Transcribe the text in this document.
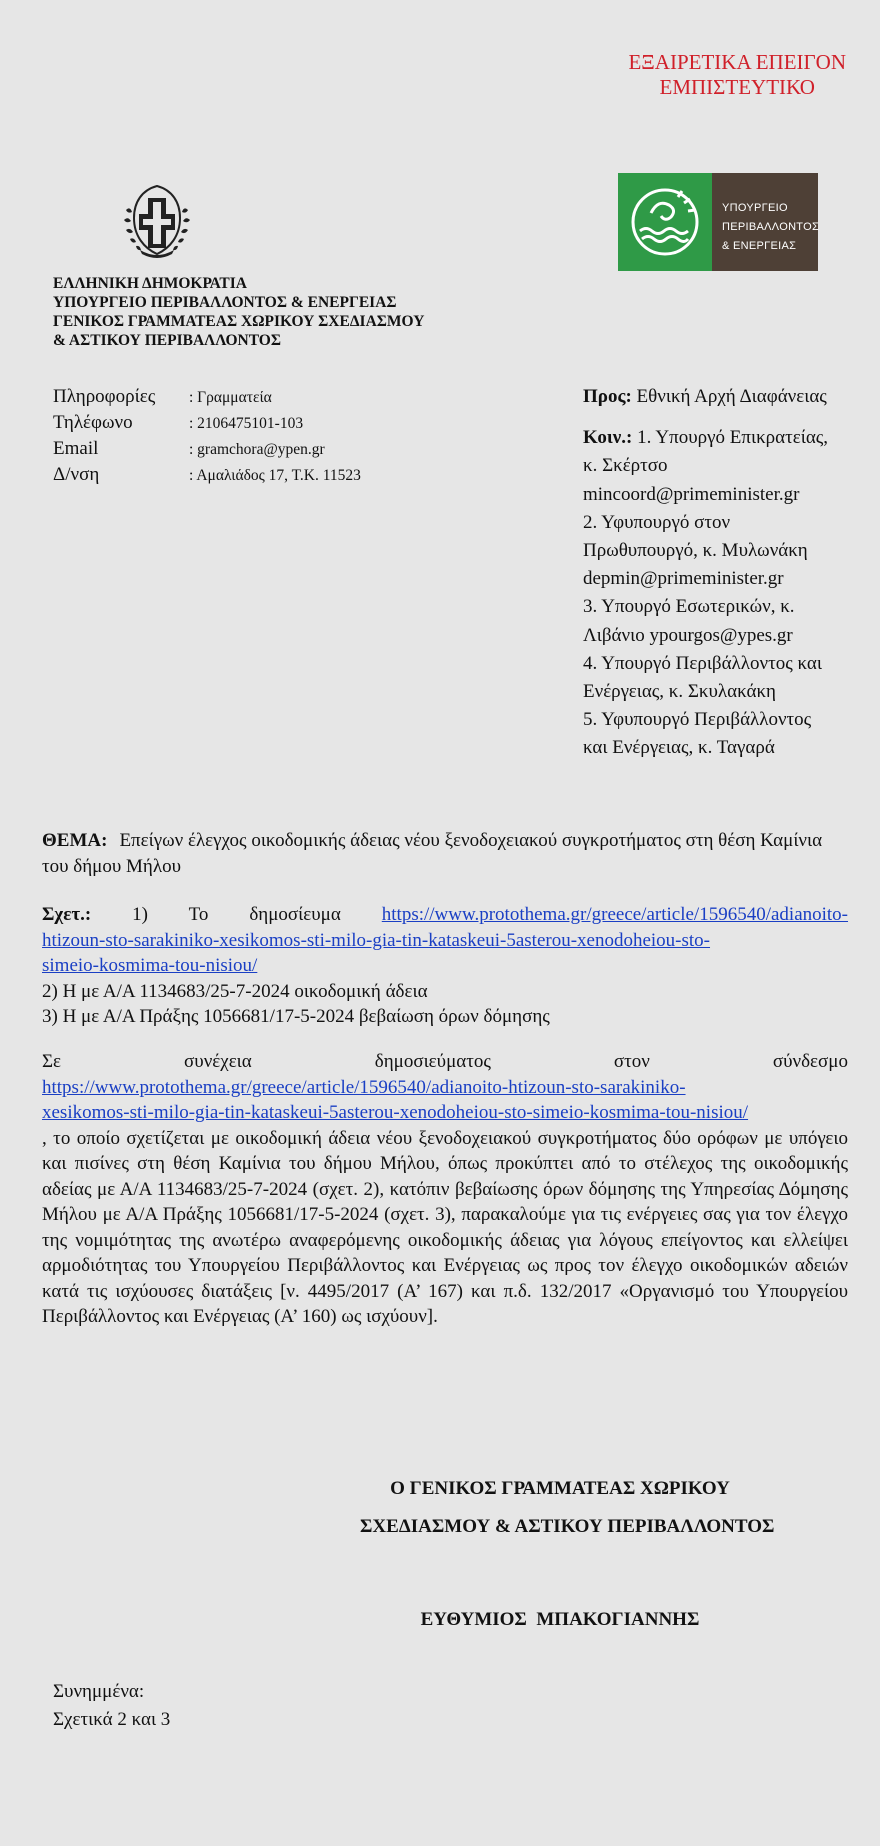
ΕΞΑΙΡΕΤΙΚΑ ΕΠΕΙΓΟΝ
ΕΜΠΙΣΤΕΥΤΙΚΟ
ΥΠΟΥΡΓΕΙΟ
ΠΕΡΙΒΑΛΛΟΝΤΟΣ
& ΕΝΕΡΓΕΙΑΣ
ΕΛΛΗΝΙΚΗ ΔΗΜΟΚΡΑΤΙΑ
ΥΠΟΥΡΓΕΙΟ ΠΕΡΙΒΑΛΛΟΝΤΟΣ & ΕΝΕΡΓΕΙΑΣ
ΓΕΝΙΚΟΣ ΓΡΑΜΜΑΤΕΑΣ ΧΩΡΙΚΟΥ ΣΧΕΔΙΑΣΜΟΥ
& ΑΣΤΙΚΟΥ ΠΕΡΙΒΑΛΛΟΝΤΟΣ
Πληροφορίες	: Γραμματεία
Τηλέφωνο	: 2106475101-103
Email	: gramchora@ypen.gr
Δ/νση	: Αμαλιάδος 17, Τ.Κ. 11523
Προς: Εθνική Αρχή Διαφάνειας
Κοιν.: 1. Υπουργό Επικρατείας,
κ. Σκέρτσο
mincoord@primeminister.gr
2. Υφυπουργό στον
Πρωθυπουργό, κ. Μυλωνάκη
depmin@primeminister.gr
3. Υπουργό Εσωτερικών, κ.
Λιβάνιο ypourgos@ypes.gr
4. Υπουργό Περιβάλλοντος και
Ενέργειας, κ. Σκυλακάκη
5. Υφυπουργό Περιβάλλοντος
και Ενέργειας, κ. Ταγαρά
ΘΕΜΑ: Επείγων έλεγχος οικοδομικής άδειας νέου ξενοδοχειακού συγκροτήματος στη θέση Καμίνια του δήμου Μήλου
Σχετ.: 1) Το δημοσίευμα https://www.protothema.gr/greece/article/1596540/adianoito-
htizoun-sto-sarakiniko-xesikomos-sti-milo-gia-tin-kataskeui-5asterou-xenodoheiou-sto-
simeio-kosmima-tou-nisiou/
2) Η με Α/Α 1134683/25-7-2024 οικοδομική άδεια
3) Η με Α/Α Πράξης 1056681/17-5-2024 βεβαίωση όρων δόμησης
Σε	συνέχεια	δημοσιεύματος	στον	σύνδεσμο
https://www.protothema.gr/greece/article/1596540/adianoito-htizoun-sto-sarakiniko-
xesikomos-sti-milo-gia-tin-kataskeui-5asterou-xenodoheiou-sto-simeio-kosmima-tou-nisiou/
, το οποίο σχετίζεται με οικοδομική άδεια νέου ξενοδοχειακού συγκροτήματος δύο ορόφων με υπόγειο και πισίνες στη θέση Καμίνια του δήμου Μήλου, όπως προκύπτει από το στέλεχος της οικοδομικής αδείας με Α/Α 1134683/25-7-2024 (σχετ. 2), κατόπιν βεβαίωσης όρων δόμησης της Υπηρεσίας Δόμησης Μήλου με Α/Α Πράξης 1056681/17-5-2024 (σχετ. 3), παρακαλούμε για τις ενέργειες σας για τον έλεγχο της νομιμότητας της ανωτέρω αναφερόμενης οικοδομικής άδειας για λόγους επείγοντος και ελλείψει αρμοδιότητας του Υπουργείου Περιβάλλοντος και Ενέργειας ως προς τον έλεγχο οικοδομικών αδειών κατά τις ισχύουσες διατάξεις [ν. 4495/2017 (Α’ 167) και π.δ. 132/2017 «Οργανισμό του Υπουργείου Περιβάλλοντος και Ενέργειας (Α’ 160) ως ισχύουν].
Ο ΓΕΝΙΚΟΣ ΓΡΑΜΜΑΤΕΑΣ ΧΩΡΙΚΟΥ
ΣΧΕΔΙΑΣΜΟΥ & ΑΣΤΙΚΟΥ ΠΕΡΙΒΑΛΛΟΝΤΟΣ
ΕΥΘΥΜΙΟΣ  ΜΠΑΚΟΓΙΑΝΝΗΣ
Συνημμένα:
Σχετικά 2 και 3
